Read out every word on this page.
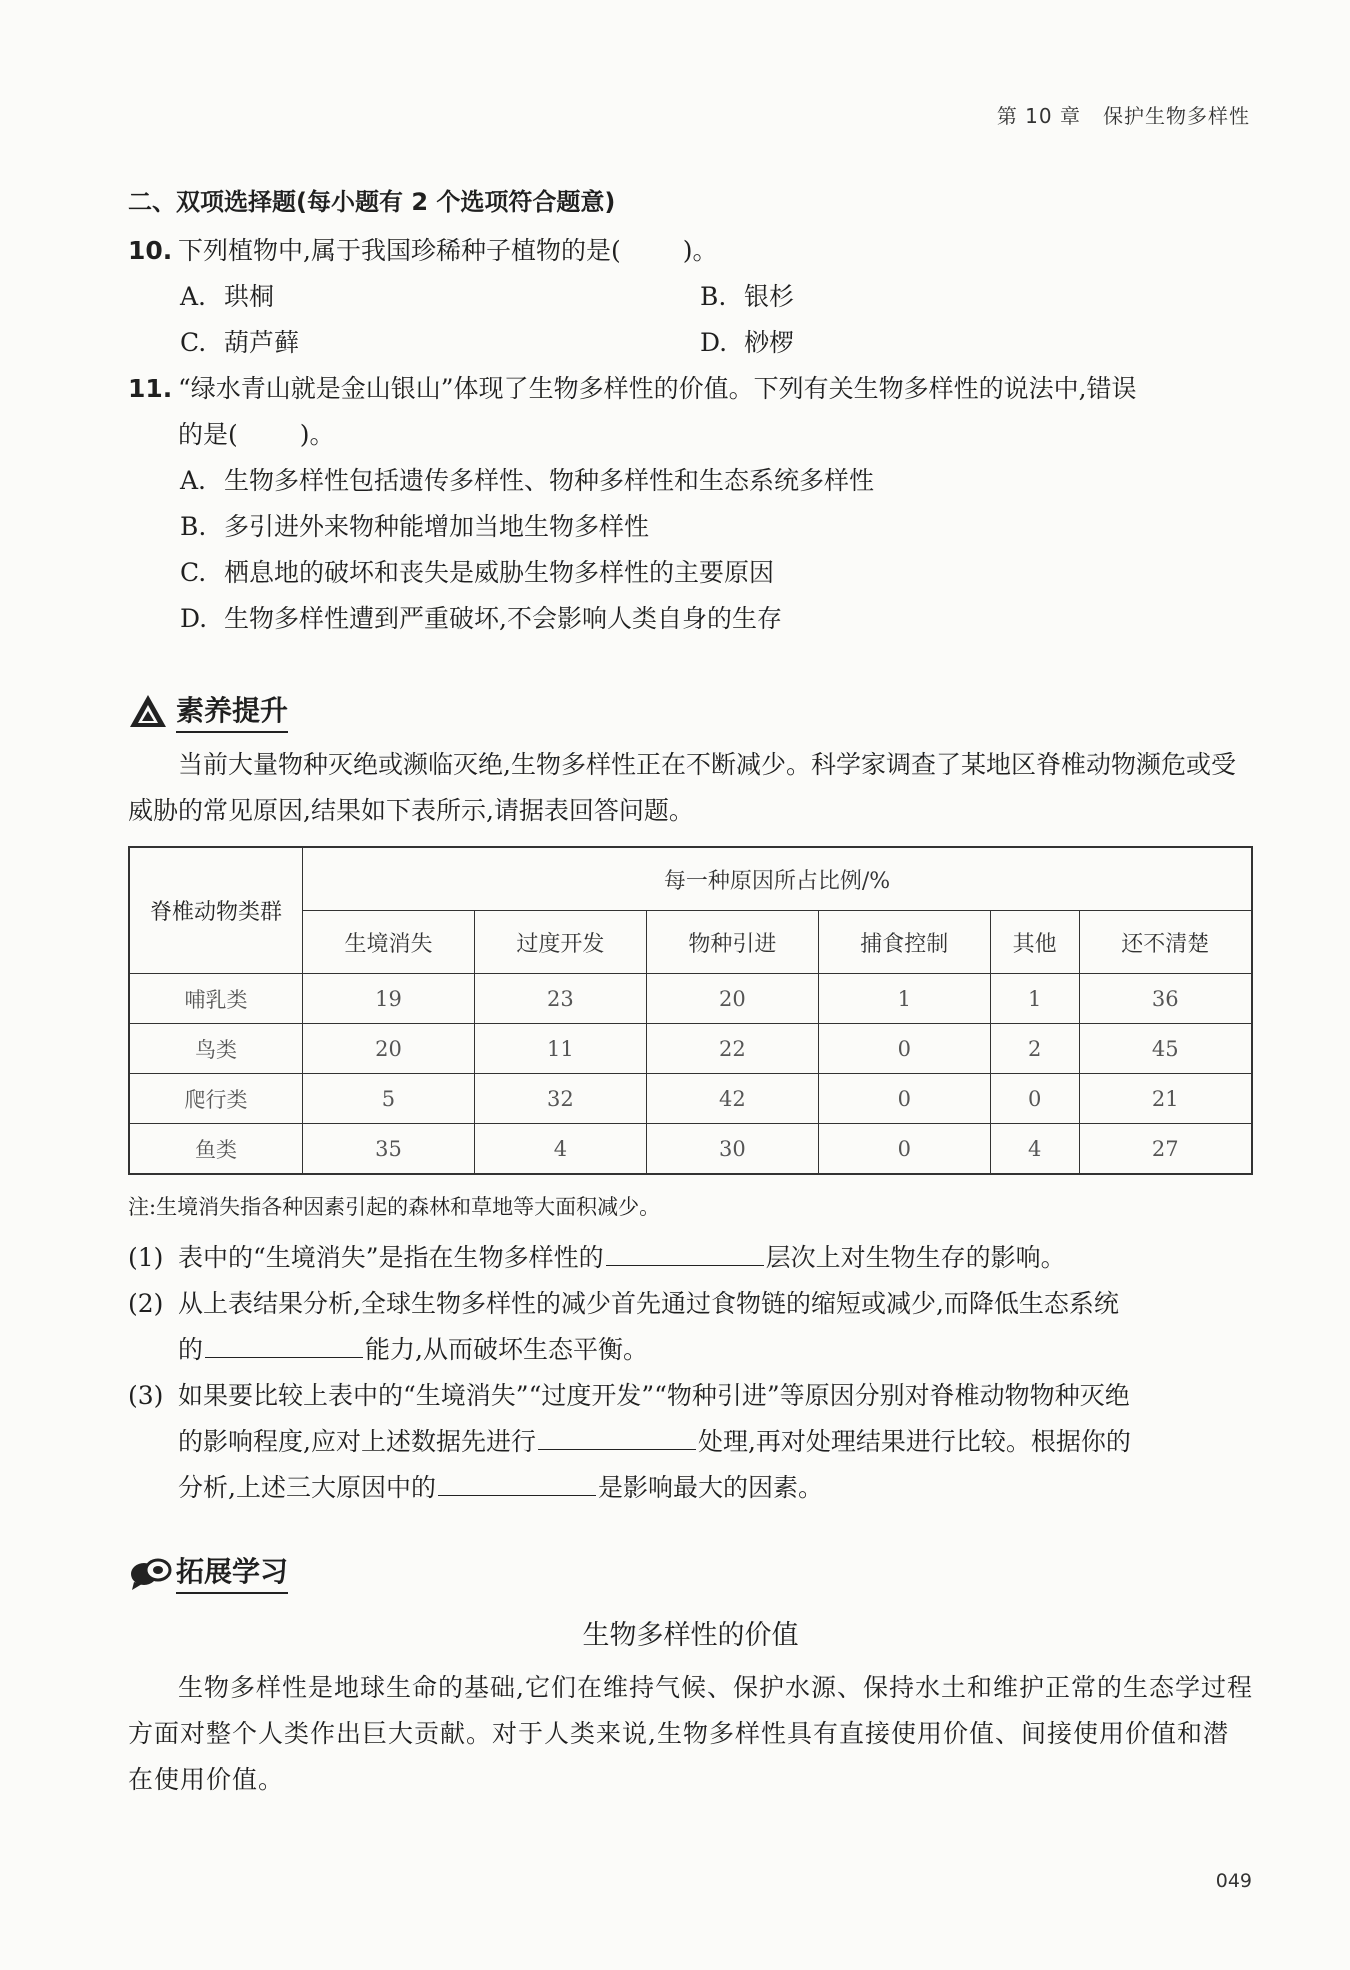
第 10 章 保护生物多样性
二、双项选择题(每小题有 2 个选项符合题意)
10. 下列植物中,属于我国珍稀种子植物的是( )。
A. 珙桐	B. 银杉
C. 葫芦藓	D. 桫椤
11. “绿水青山就是金山银山”体现了生物多样性的价值。下列有关生物多样性的说法中,错误
的是( )。
A. 生物多样性包括遗传多样性、物种多样性和生态系统多样性
B. 多引进外来物种能增加当地生物多样性
C. 栖息地的破坏和丧失是威胁生物多样性的主要原因
D. 生物多样性遭到严重破坏,不会影响人类自身的生存
素养提升
当前大量物种灭绝或濒临灭绝,生物多样性正在不断减少。科学家调查了某地区脊椎动物濒危或受威胁的常见原因,结果如下表所示,请据表回答问题。
脊椎动物类群	每一种原因所占比例/%					
	生境消失	过度开发	物种引进	捕食控制	其他	还不清楚
哺乳类	19	23	20	1	1	36
鸟类	20	11	22	0	2	45
爬行类	5	32	42	0	0	21
鱼类	35	4	30	0	4	27
注:生境消失指各种因素引起的森林和草地等大面积减少。
(1) 表中的“生境消失”是指在生物多样性的	层次上对生物生存的影响。
(2) 从上表结果分析,全球生物多样性的减少首先通过食物链的缩短或减少,而降低生态系统
的	能力,从而破坏生态平衡。
(3) 如果要比较上表中的“生境消失”“过度开发”“物种引进”等原因分别对脊椎动物物种灭绝
的影响程度,应对上述数据先进行	处理,再对处理结果进行比较。根据你的
分析,上述三大原因中的	是影响最大的因素。
拓展学习
生物多样性的价值
生物多样性是地球生命的基础,它们在维持气候、保护水源、保持水土和维护正常的生态学过程方面对整个人类作出巨大贡献。对于人类来说,生物多样性具有直接使用价值、间接使用价值和潜在使用价值。
049
